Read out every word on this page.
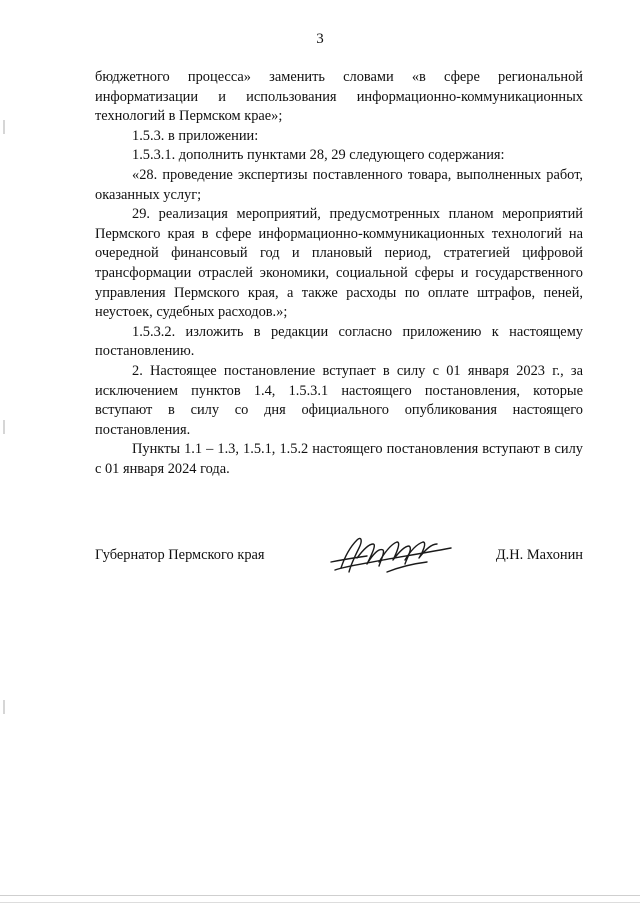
3

бюджетного процесса» заменить словами «в сфере региональной информатизации и использования информационно-коммуникационных технологий в Пермском крае»;

1.5.3. в приложении:

1.5.3.1. дополнить пунктами 28, 29 следующего содержания:

«28. проведение экспертизы поставленного товара, выполненных работ, оказанных услуг;

29. реализация мероприятий, предусмотренных планом мероприятий Пермского края в сфере информационно-коммуникационных технологий на очередной финансовый год и плановый период, стратегией цифровой трансформации отраслей экономики, социальной сферы и государственного управления Пермского края, а также расходы по оплате штрафов, пеней, неустоек, судебных расходов.»;

1.5.3.2. изложить в редакции согласно приложению к настоящему постановлению.

2. Настоящее постановление вступает в силу с 01 января 2023 г., за исключением пунктов 1.4, 1.5.3.1 настоящего постановления, которые вступают в силу со дня официального опубликования настоящего постановления.

Пункты 1.1 – 1.3, 1.5.1, 1.5.2 настоящего постановления вступают в силу с 01 января 2024 года.

Губернатор Пермского края	Д.Н. Махонин
